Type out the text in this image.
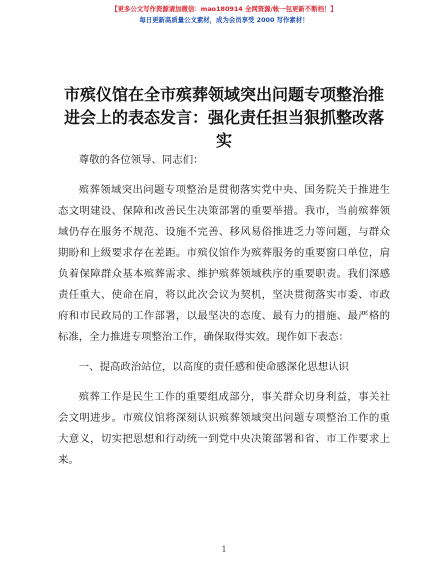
【更多公文写作资源请加微信：mao180914 全网资源/帐一包更新不断档！】
每日更新高质量公文素材，成为会员享受 2000 写作素材！
市殡仪馆在全市殡葬领域突出问题专项整治推进会上的表态发言：强化责任担当狠抓整改落实

尊敬的各位领导、同志们：

殡葬领域突出问题专项整治是贯彻落实党中央、国务院关于推进生态文明建设、保障和改善民生决策部署的重要举措。我市，当前殡葬领域仍存在服务不规范、设施不完善、移风易俗推进乏力等问题，与群众期盼和上级要求存在差距。市殡仪馆作为殡葬服务的重要窗口单位，肩负着保障群众基本殡葬需求、维护殡葬领域秩序的重要职责。我们深感责任重大、使命在肩，将以此次会议为契机，坚决贯彻落实市委、市政府和市民政局的工作部署，以最坚决的态度、最有力的措施、最严格的标准，全力推进专项整治工作，确保取得实效。现作如下表态：

一、提高政治站位，以高度的责任感和使命感深化思想认识

殡葬工作是民生工作的重要组成部分，事关群众切身利益，事关社会文明进步。市殡仪馆将深刻认识殡葬领域突出问题专项整治工作的重大意义，切实把思想和行动统一到党中央决策部署和省、市工作要求上来。

1
